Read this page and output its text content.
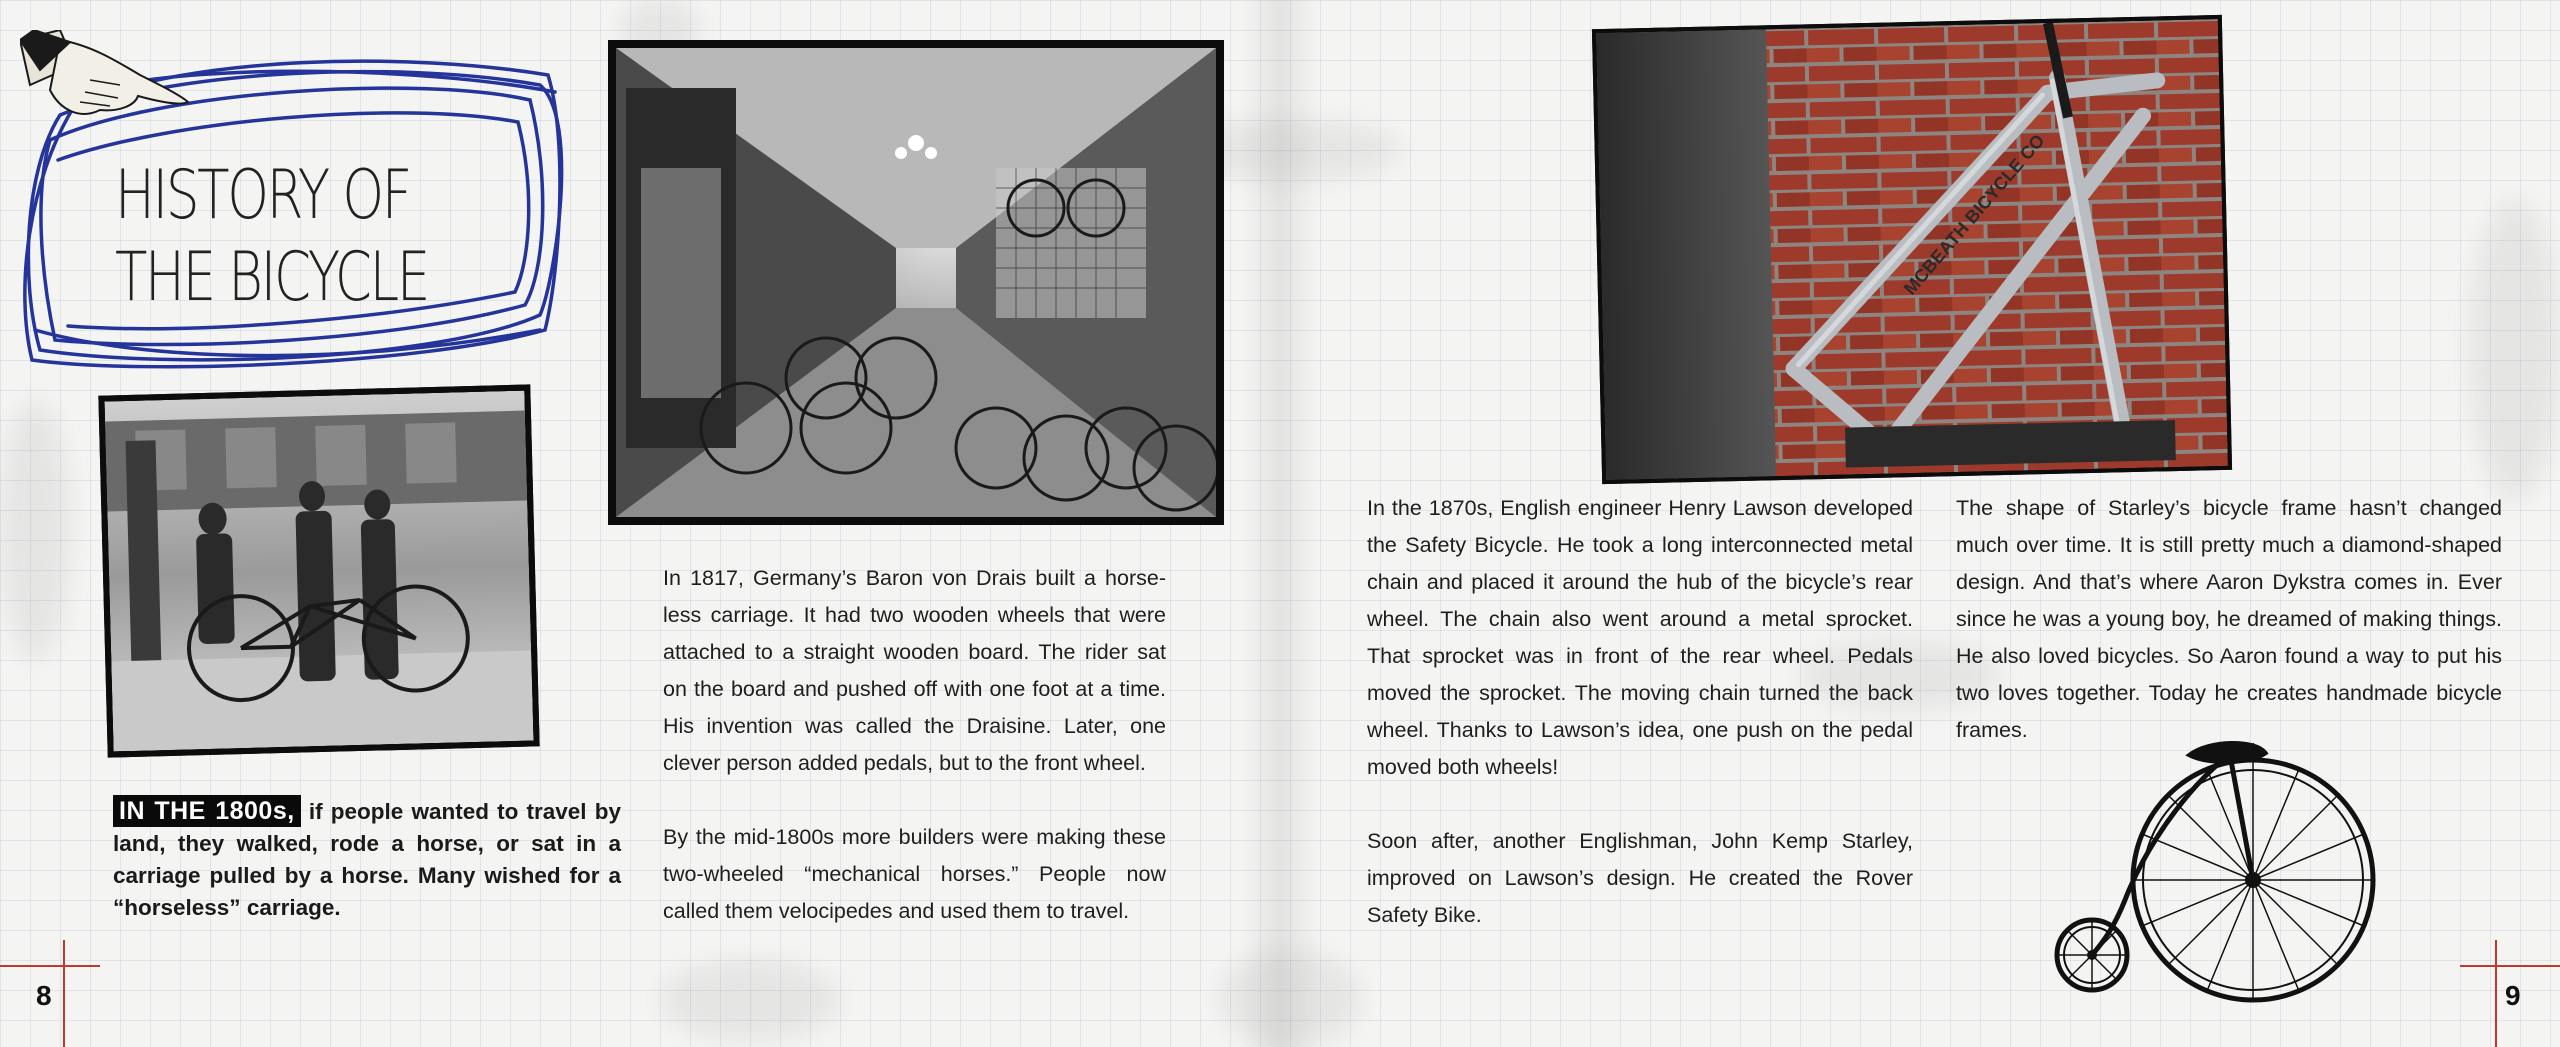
HISTORY OF THE BICYCLE	MCBEATH BICYCLE CO
IN THE 1800s, if people wanted to travel by land, they walked, rode a horse, or sat in a carriage pulled by a horse. Many wished for a “horseless” carriage.

In 1817, Germany’s Baron von Drais built a horse-less carriage. It had two wooden wheels that were attached to a straight wooden board. The rider sat on the board and pushed off with one foot at a time. His invention was called the Draisine. Later, one clever person added pedals, but to the front wheel.

By the mid-1800s more builders were making these two-wheeled “mechanical horses.” People now called them velocipedes and used them to travel.

In the 1870s, English engineer Henry Lawson developed the Safety Bicycle. He took a long interconnected metal chain and placed it around the hub of the bicycle’s rear wheel. The chain also went around a metal sprocket. That sprocket was in front of the rear wheel. Pedals moved the sprocket. The moving chain turned the back wheel. Thanks to Lawson’s idea, one push on the pedal moved both wheels!

Soon after, another Englishman, John Kemp Starley, improved on Lawson’s design. He created the Rover Safety Bike.

The shape of Starley’s bicycle frame hasn’t changed much over time. It is still pretty much a diamond-shaped design. And that’s where Aaron Dykstra comes in. Ever since he was a young boy, he dreamed of making things. He also loved bicycles. So Aaron found a way to put his two loves together. Today he creates handmade bicycle frames.

8	9
